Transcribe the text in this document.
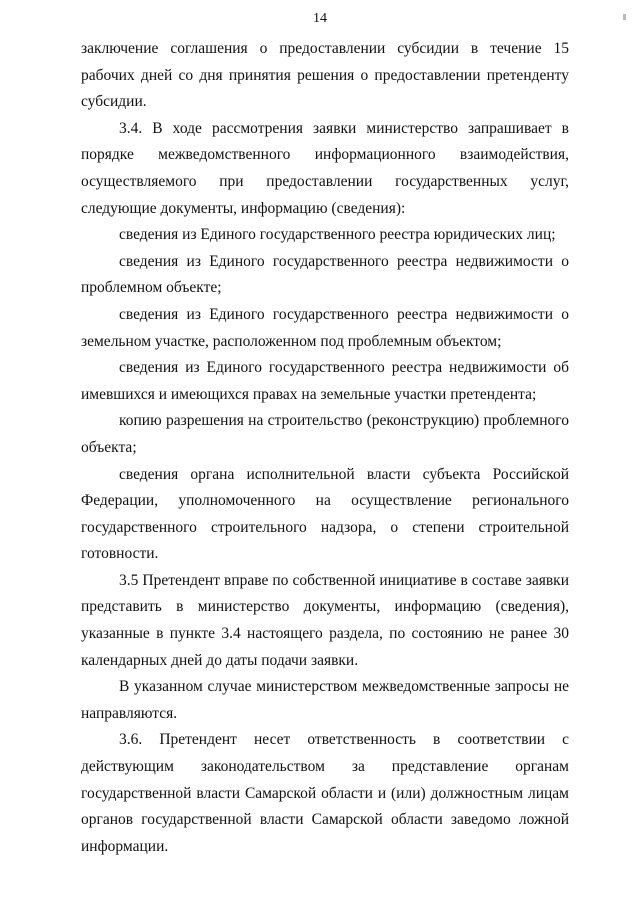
14

заключение соглашения о предоставлении субсидии в течение 15 рабочих дней со дня принятия решения о предоставлении претенденту субсидии.

3.4. В ходе рассмотрения заявки министерство запрашивает в порядке межведомственного информационного взаимодействия, осуществляемого при предоставлении государственных услуг, следующие документы, информацию (сведения):

сведения из Единого государственного реестра юридических лиц;

сведения из Единого государственного реестра недвижимости о проблемном объекте;

сведения из Единого государственного реестра недвижимости о земельном участке, расположенном под проблемным объектом;

сведения из Единого государственного реестра недвижимости об имевшихся и имеющихся правах на земельные участки претендента;

копию разрешения на строительство (реконструкцию) проблемного объекта;

сведения органа исполнительной власти субъекта Российской Федерации, уполномоченного на осуществление регионального государственного строительного надзора, о степени строительной готовности.

3.5 Претендент вправе по собственной инициативе в составе заявки представить в министерство документы, информацию (сведения), указанные в пункте 3.4 настоящего раздела, по состоянию не ранее 30 календарных дней до даты подачи заявки.

В указанном случае министерством межведомственные запросы не направляются.

3.6. Претендент несет ответственность в соответствии с действующим законодательством за представление органам государственной власти Самарской области и (или) должностным лицам органов государственной власти Самарской области заведомо ложной информации.
